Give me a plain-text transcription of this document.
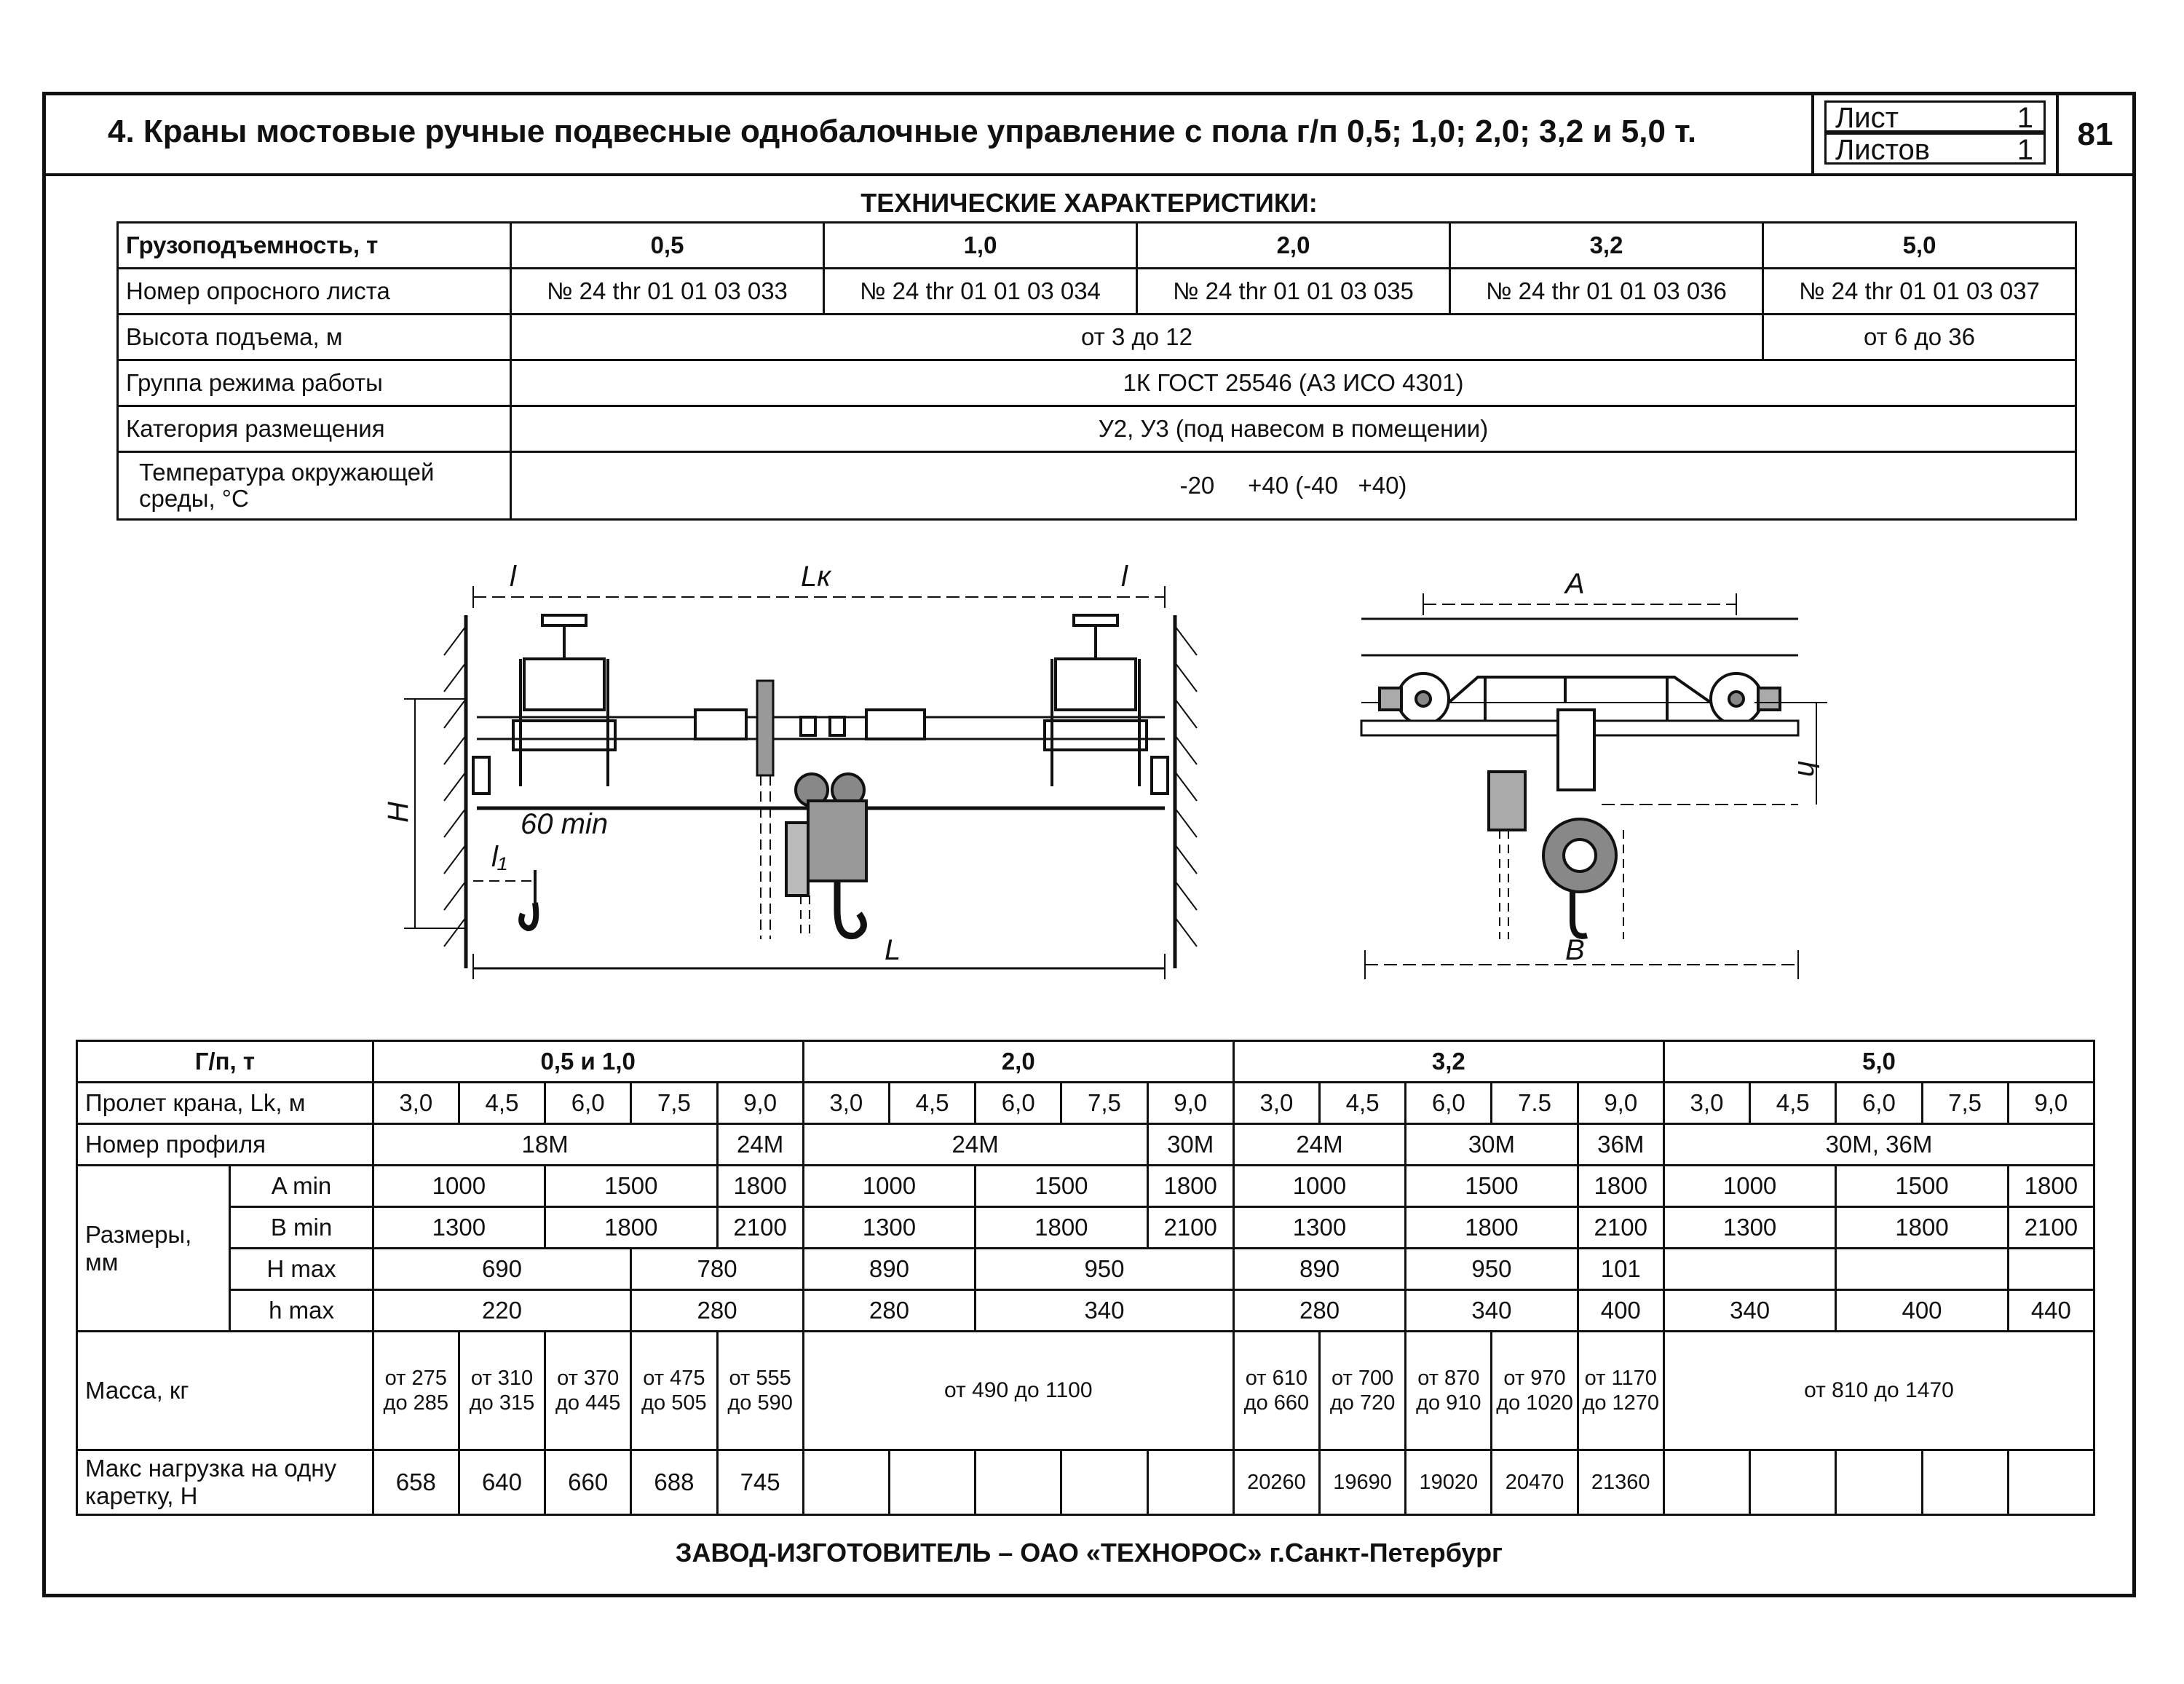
4. Краны мостовые ручные подвесные однобалочные управление с пола г/п 0,5; 1,0; 2,0; 3,2 и 5,0 т.	Лист	1
Листов	1	81
ТЕХНИЧЕСКИЕ ХАРАКТЕРИСТИКИ:
Грузоподъемность, т	0,5	1,0	2,0	3,2	5,0
Номер опросного листа	№ 24 thr 01 01 03 033	№ 24 thr 01 01 03 034	№ 24 thr 01 01 03 035	№ 24 thr 01 01 03 036	№ 24 thr 01 01 03 037
Высота подъема, м	от 3 до 12				от 6 до 36
Группа режима работы	1К ГОСТ 25546 (А3 ИСО 4301)				
Категория размещения	У2, У3 (под навесом в помещении)				
Температура окружающей среды, °С	-20     +40 (-40   +40)				
l	Lк	l
H	60 min
l₁
L
A
h
B
Г/п, т		0,5 и 1,0					2,0					3,2					5,0				
Пролет крана, Lk, м		3,0	4,5	6,0	7,5	9,0	3,0	4,5	6,0	7,5	9,0	3,0	4,5	6,0	7.5	9,0	3,0	4,5	6,0	7,5	9,0
Номер профиля		18М				24М	24М				30М	24М		30М		36М	30М, 36М				
Размеры, мм	A min	1000		1500		1800	1000		1500		1800	1000		1500		1800	1000		1500		1800
	B min	1300		1800		2100	1300		1800		2100	1300		1800		2100	1300		1800		2100
	H max	690			780		890		950			890		950		101					
	h max	220			280		280		340			280		340		400	340		400		440
Масса, кг		от 275 до 285	от 310 до 315	от 370 до 445	от 475 до 505	от 555 до 590	от 490 до 1100					от 610 до 660	от 700 до 720	от 870 до 910	от 970 до 1020	от 1170 до 1270	от 810 до 1470				
Макс нагрузка на одну каретку, Н		658	640	660	688	745						20260	19690	19020	20470	21360					
ЗАВОД-ИЗГОТОВИТЕЛЬ – ОАО «ТЕХНОРОС» г.Санкт-Петербург
